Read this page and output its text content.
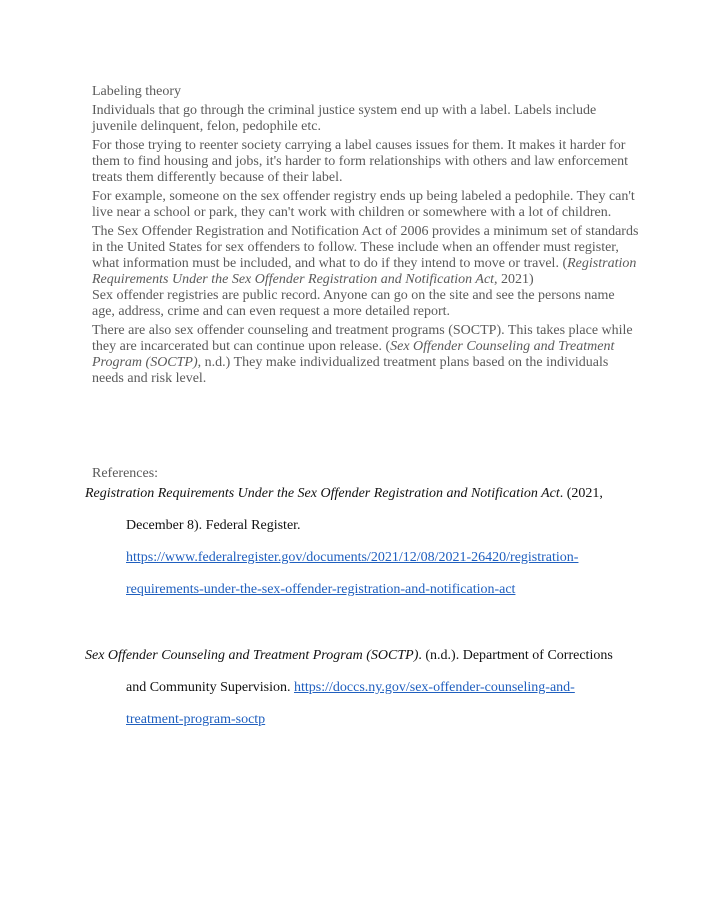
Labeling theory

Individuals that go through the criminal justice system end up with a label. Labels include juvenile delinquent, felon, pedophile etc.

For those trying to reenter society carrying a label causes issues for them. It makes it harder for them to find housing and jobs, it's harder to form relationships with others and law enforcement treats them differently because of their label.

For example, someone on the sex offender registry ends up being labeled a pedophile. They can't live near a school or park, they can't work with children or somewhere with a lot of children.

The Sex Offender Registration and Notification Act of 2006 provides a minimum set of standards in the United States for sex offenders to follow. These include when an offender must register, what information must be included, and what to do if they intend to move or travel. (Registration Requirements Under the Sex Offender Registration and Notification Act, 2021)
Sex offender registries are public record. Anyone can go on the site and see the persons name age, address, crime and can even request a more detailed report.

There are also sex offender counseling and treatment programs (SOCTP). This takes place while they are incarcerated but can continue upon release. (Sex Offender Counseling and Treatment Program (SOCTP), n.d.) They make individualized treatment plans based on the individuals needs and risk level.

References:

Registration Requirements Under the Sex Offender Registration and Notification Act. (2021,
December 8). Federal Register.
https://www.federalregister.gov/documents/2021/12/08/2021-26420/registration-
requirements-under-the-sex-offender-registration-and-notification-act
Sex Offender Counseling and Treatment Program (SOCTP). (n.d.). Department of Corrections
and Community Supervision. https://doccs.ny.gov/sex-offender-counseling-and-
treatment-program-soctp
